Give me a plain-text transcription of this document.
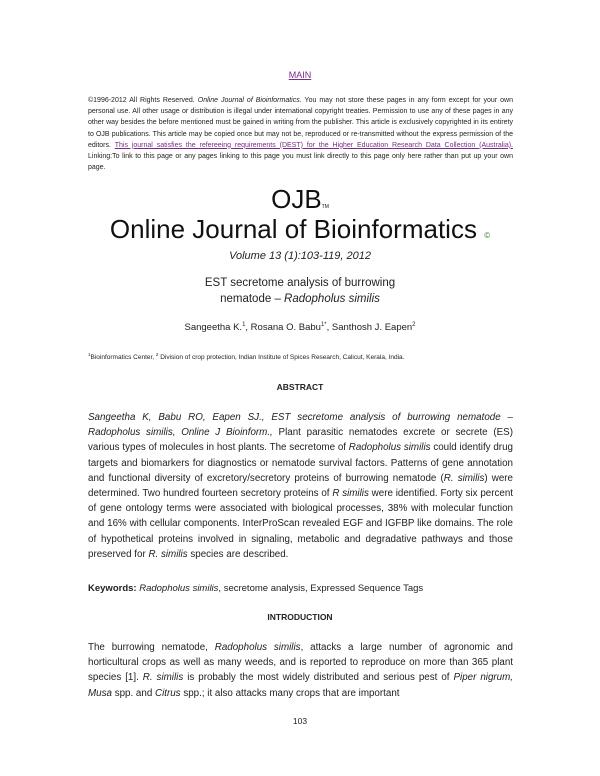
MAIN
©1996-2012 All Rights Reserved. Online Journal of Bioinformatics. You may not store these pages in any form except for your own personal use. All other usage or distribution is illegal under international copyright treaties. Permission to use any of these pages in any other way besides the before mentioned must be gained in writing from the publisher. This article is exclusively copyrighted in its entirety to OJB publications. This article may be copied once but may not be, reproduced or re-transmitted without the express permission of the editors. This journal satisfies the refereeing requirements (DEST) for the Higher Education Research Data Collection (Australia). Linking:To link to this page or any pages linking to this page you must link directly to this page only here rather than put up your own page.
OJBTM
Online Journal of Bioinformatics ©
Volume 13 (1):103-119, 2012
EST secretome analysis of burrowing
nematode – Radopholus similis
Sangeetha K.$^1$, Rosana O. Babu$^{1*}$, Santhosh J. Eapen$^2$
$^1$Bioinformatics Center, $^2$ Division of crop protection, Indian Institute of Spices Research, Calicut, Kerala, India.
ABSTRACT
Sangeetha K, Babu RO, Eapen SJ., EST secretome analysis of burrowing nematode – Radopholus similis, Online J Bioinform., Plant parasitic nematodes excrete or secrete (ES) various types of molecules in host plants. The secretome of Radopholus similis could identify drug targets and biomarkers for diagnostics or nematode survival factors. Patterns of gene annotation and functional diversity of excretory/secretory proteins of burrowing nematode (R. similis) were determined. Two hundred fourteen secretory proteins of R similis were identified. Forty six percent of gene ontology terms were associated with biological processes, 38% with molecular function and 16% with cellular components. InterProScan revealed EGF and IGFBP like domains. The role of hypothetical proteins involved in signaling, metabolic and degradative pathways and those preserved for R. similis species are described.
Keywords: Radopholus similis, secretome analysis, Expressed Sequence Tags
INTRODUCTION
The burrowing nematode, Radopholus similis, attacks a large number of agronomic and horticultural crops as well as many weeds, and is reported to reproduce on more than 365 plant species [1]. R. similis is probably the most widely distributed and serious pest of Piper nigrum, Musa spp. and Citrus spp.; it also attacks many crops that are important
103
